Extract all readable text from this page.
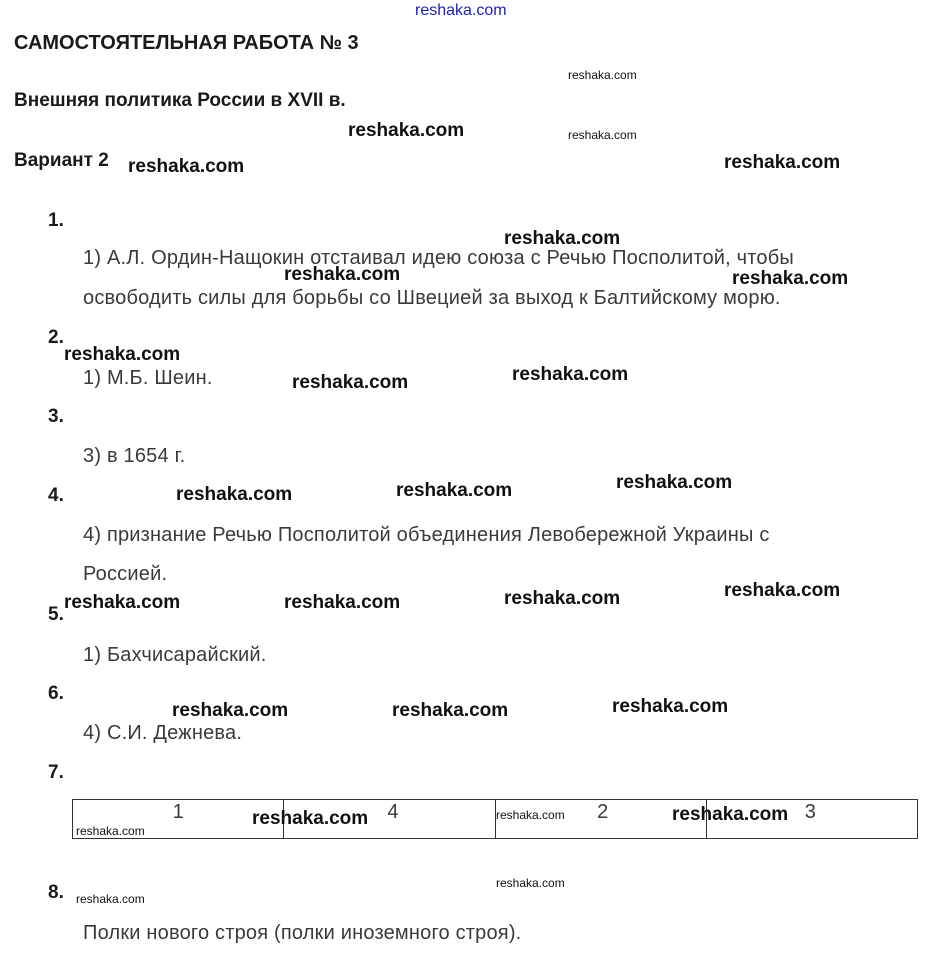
reshaka.com
САМОСТОЯТЕЛЬНАЯ РАБОТА № 3
Внешняя политика России в XVII в.
Вариант 2
1.
1) А.Л. Ордин-Нащокин отстаивал идею союза с Речью Посполитой, чтобы
освободить силы для борьбы со Швецией за выход к Балтийскому морю.
2.
1) М.Б. Шеин.
3.
3) в 1654 г.
4.
4) признание Речью Посполитой объединения Левобережной Украины с
Россией.
5.
1) Бахчисарайский.
6.
4) С.И. Дежнева.
7.
1	4	2	3
8.
Полки нового строя (полки иноземного строя).
reshaka.com
reshaka.com	reshaka.com
reshaka.com
reshaka.com	reshaka.com
reshaka.com
reshaka.com	reshaka.com
reshaka.com	reshaka.com	reshaka.com
reshaka.com	reshaka.com	reshaka.com	reshaka.com
reshaka.com	reshaka.com	reshaka.com
reshaka.com	reshaka.com
reshaka.com
reshaka.com
reshaka.com
reshaka.com
reshaka.com
reshaka.com
